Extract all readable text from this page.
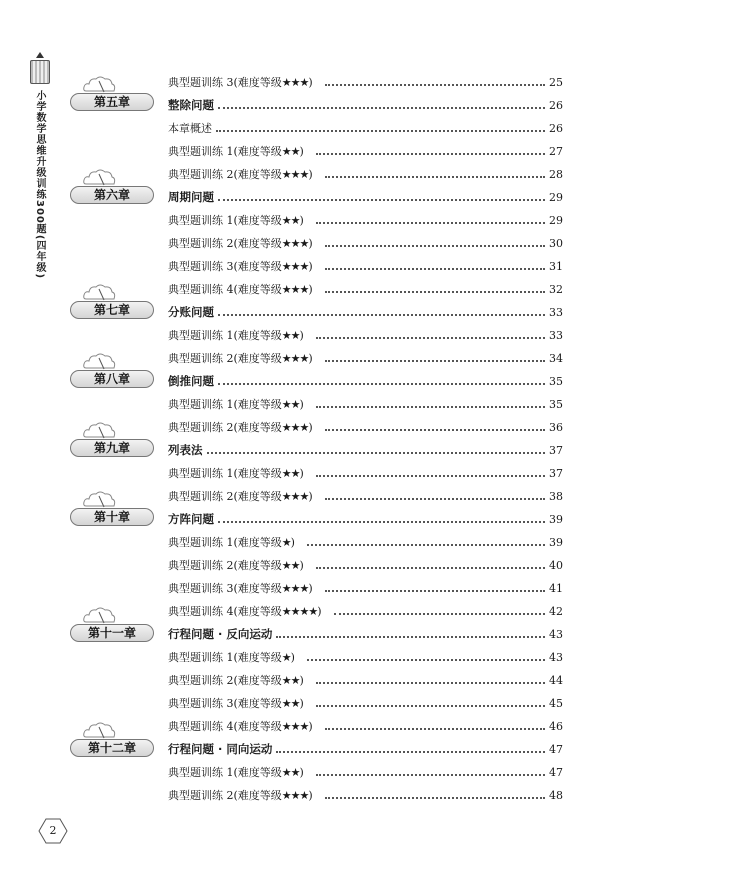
小学数学思维升级训练300题(四年级)	第五章
第六章
第七章
第八章
第九章
第十章
第十一章
第十二章
典型题训练 3(难度等级★★★)	25
整除问题	26
本章概述	26
典型题训练 1(难度等级★★)	27
典型题训练 2(难度等级★★★)	28
周期问题	29
典型题训练 1(难度等级★★)	29
典型题训练 2(难度等级★★★)	30
典型题训练 3(难度等级★★★)	31
典型题训练 4(难度等级★★★)	32
分账问题	33
典型题训练 1(难度等级★★)	33
典型题训练 2(难度等级★★★)	34
倒推问题	35
典型题训练 1(难度等级★★)	35
典型题训练 2(难度等级★★★)	36
列表法	37
典型题训练 1(难度等级★★)	37
典型题训练 2(难度等级★★★)	38
方阵问题	39
典型题训练 1(难度等级★)	39
典型题训练 2(难度等级★★)	40
典型题训练 3(难度等级★★★)	41
典型题训练 4(难度等级★★★★)	42
行程问题 · 反向运动	43
典型题训练 1(难度等级★)	43
典型题训练 2(难度等级★★)	44
典型题训练 3(难度等级★★)	45
典型题训练 4(难度等级★★★)	46
行程问题 · 同向运动	47
典型题训练 1(难度等级★★)	47
典型题训练 2(难度等级★★★)	48
2
